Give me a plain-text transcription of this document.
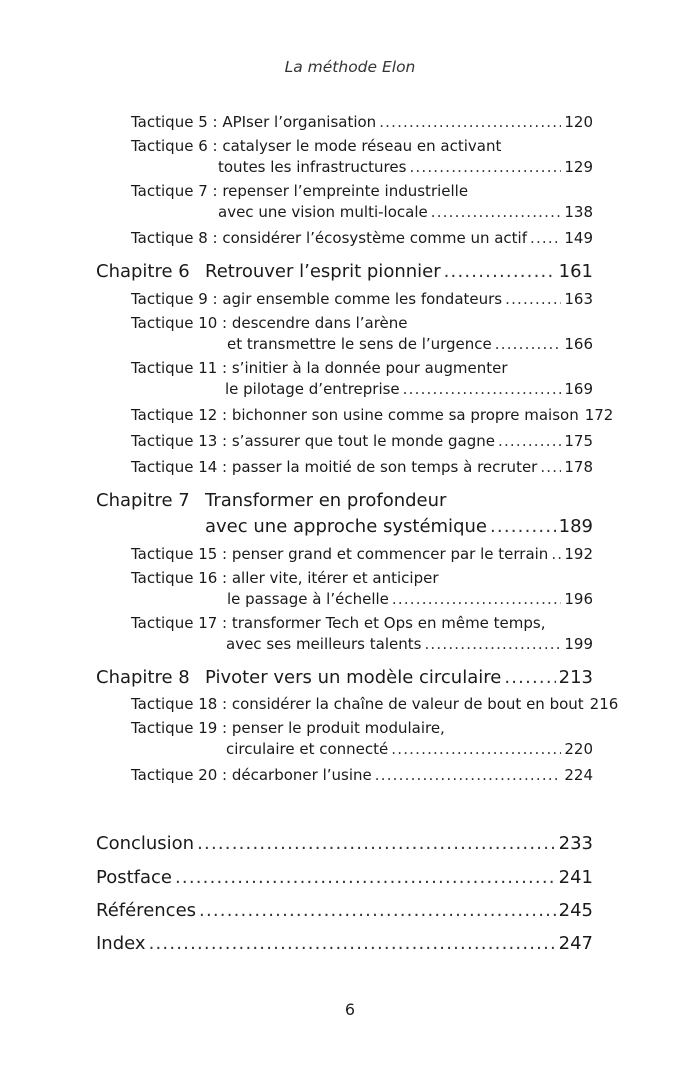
La méthode Elon
Tactique 5 : APIser l’organisation .....	120
Tactique 6 : catalyser le mode réseau en activant
toutes les infrastructures .....	129
Tactique 7 : repenser l’empreinte industrielle
avec une vision multi-locale .....	138
Tactique 8 : considérer l’écosystème comme un actif ..... 149
Chapitre 6 Retrouver l’esprit pionnier .....	161
Tactique 9 : agir ensemble comme les fondateurs .....	163
Tactique 10 : descendre dans l’arène
et transmettre le sens de l’urgence .....	166
Tactique 11 : s’initier à la donnée pour augmenter
le pilotage d’entreprise .....	169
Tactique 12 : bichonner son usine comme sa propre maison 172
Tactique 13 : s’assurer que tout le monde gagne .....	175
Tactique 14 : passer la moitié de son temps à recruter ..... 178
Chapitre 7 Transformer en profondeur
avec une approche systémique .....	189
Tactique 15 : penser grand et commencer par le terrain ..... 192
Tactique 16 : aller vite, itérer et anticiper
le passage à l’échelle .....	196
Tactique 17 : transformer Tech et Ops en même temps,
avec ses meilleurs talents .....	199
Chapitre 8 Pivoter vers un modèle circulaire .....	213
Tactique 18 : considérer la chaîne de valeur de bout en bout 216
Tactique 19 : penser le produit modulaire,
circulaire et connecté .....	220
Tactique 20 : décarboner l’usine .....	224
Conclusion .....	233
Postface .....	241
Références .....	245
Index .....	247
6
